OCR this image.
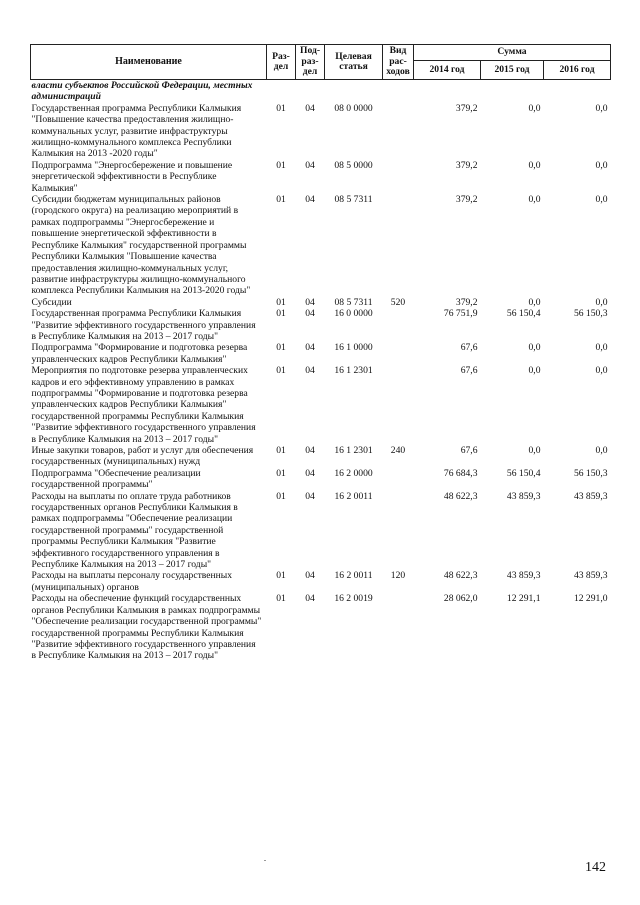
Наименование	Раз- дел	Под- раз- дел	Целевая статья	Вид рас- ходов	Сумма		
					2014 год	2015 год	2016 год
власти субъектов Российской Федерации, местных администраций							
Государственная программа Республики Калмыкия "Повышение качества предоставления жилищно-коммунальных услуг, развитие инфраструктуры жилищно-коммунального комплекса Республики Калмыкия на 2013 -2020 годы"	01	04	08 0 0000		379,2	0,0	0,0
Подпрограмма "Энергосбережение и повышение энергетической эффективности в Республике Калмыкия"	01	04	08 5 0000		379,2	0,0	0,0
Субсидии бюджетам муниципальных районов (городского округа) на реализацию мероприятий в рамках подпрограммы "Энергосбережение и повышение энергетической эффективности в Республике Калмыкия" государственной программы Республики Калмыкия "Повышение качества предоставления жилищно-коммунальных услуг, развитие инфраструктуры жилищно-коммунального комплекса Республики Калмыкия на 2013-2020 годы"	01	04	08 5 7311		379,2	0,0	0,0
Субсидии	01	04	08 5 7311	520	379,2	0,0	0,0
Государственная программа Республики Калмыкия "Развитие эффективного государственного управления в Республике Калмыкия на 2013 – 2017 годы"	01	04	16 0 0000		76 751,9	56 150,4	56 150,3
Подпрограмма "Формирование и подготовка резерва управленческих кадров Республики Калмыкия"	01	04	16 1 0000		67,6	0,0	0,0
Мероприятия по подготовке резерва управленческих кадров и его эффективному управлению в рамках подпрограммы "Формирование и подготовка резерва управленческих кадров Республики Калмыкия" государственной программы Республики Калмыкия "Развитие эффективного государственного управления в Республике Калмыкия на 2013 – 2017 годы"	01	04	16 1 2301		67,6	0,0	0,0
Иные закупки товаров, работ и услуг для обеспечения государственных (муниципальных) нужд	01	04	16 1 2301	240	67,6	0,0	0,0
Подпрограмма "Обеспечение реализации государственной программы"	01	04	16 2 0000		76 684,3	56 150,4	56 150,3
Расходы на выплаты по оплате труда работников государственных органов Республики Калмыкия в рамках подпрограммы "Обеспечение реализации государственной программы" государственной программы Республики Калмыкия "Развитие эффективного государственного управления в Республике Калмыкия на 2013 – 2017 годы"	01	04	16 2 0011		48 622,3	43 859,3	43 859,3
Расходы на выплаты персоналу государственных (муниципальных) органов	01	04	16 2 0011	120	48 622,3	43 859,3	43 859,3
Расходы на обеспечение функций государственных органов Республики Калмыкия в рамках подпрограммы "Обеспечение реализации государственной программы" государственной программы Республики Калмыкия "Развитие эффективного государственного управления в Республике Калмыкия на 2013 – 2017 годы"	01	04	16 2 0019		28 062,0	12 291,1	12 291,0
142
